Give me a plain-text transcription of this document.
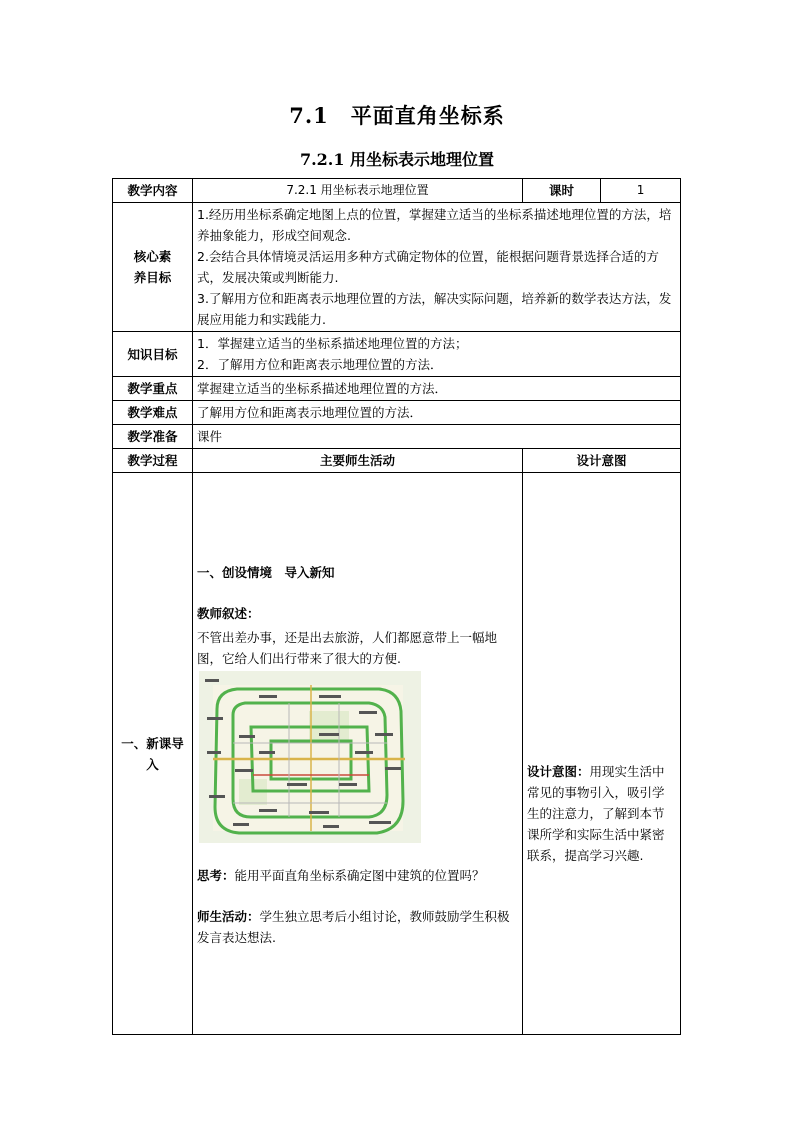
7.1　平面直角坐标系
7.2.1 用坐标表示地理位置
教学内容	7.2.1 用坐标表示地理位置	课时	1
核心素养目标	1.经历用坐标系确定地图上点的位置，掌握建立适当的坐标系描述地理位置的方法，培养抽象能力，形成空间观念.
2.会结合具体情境灵活运用多种方式确定物体的位置，能根据问题背景选择合适的方式，发展决策或判断能力.
3.了解用方位和距离表示地理位置的方法，解决实际问题，培养新的数学表达方法，发展应用能力和实践能力.		

知识目标	1．掌握建立适当的坐标系描述地理位置的方法；
2．了解用方位和距离表示地理位置的方法．		

教学重点	掌握建立适当的坐标系描述地理位置的方法．		
教学难点	了解用方位和距离表示地理位置的方法．		
教学准备	课件		
教学过程	主要师生活动	设计意图	
一、新课导入	一、创设情境　导入新知
教师叙述：
不管出差办事，还是出去旅游，人们都愿意带上一幅地图，它给人们出行带来了很大的方便.
思考：能用平面直角坐标系确定图中建筑的位置吗？
师生活动：学生独立思考后小组讨论，教师鼓励学生积极发言表达想法.	设计意图：用现实生活中常见的事物引入，吸引学生的注意力，了解到本节课所学和实际生活中紧密联系，提高学习兴趣.	
